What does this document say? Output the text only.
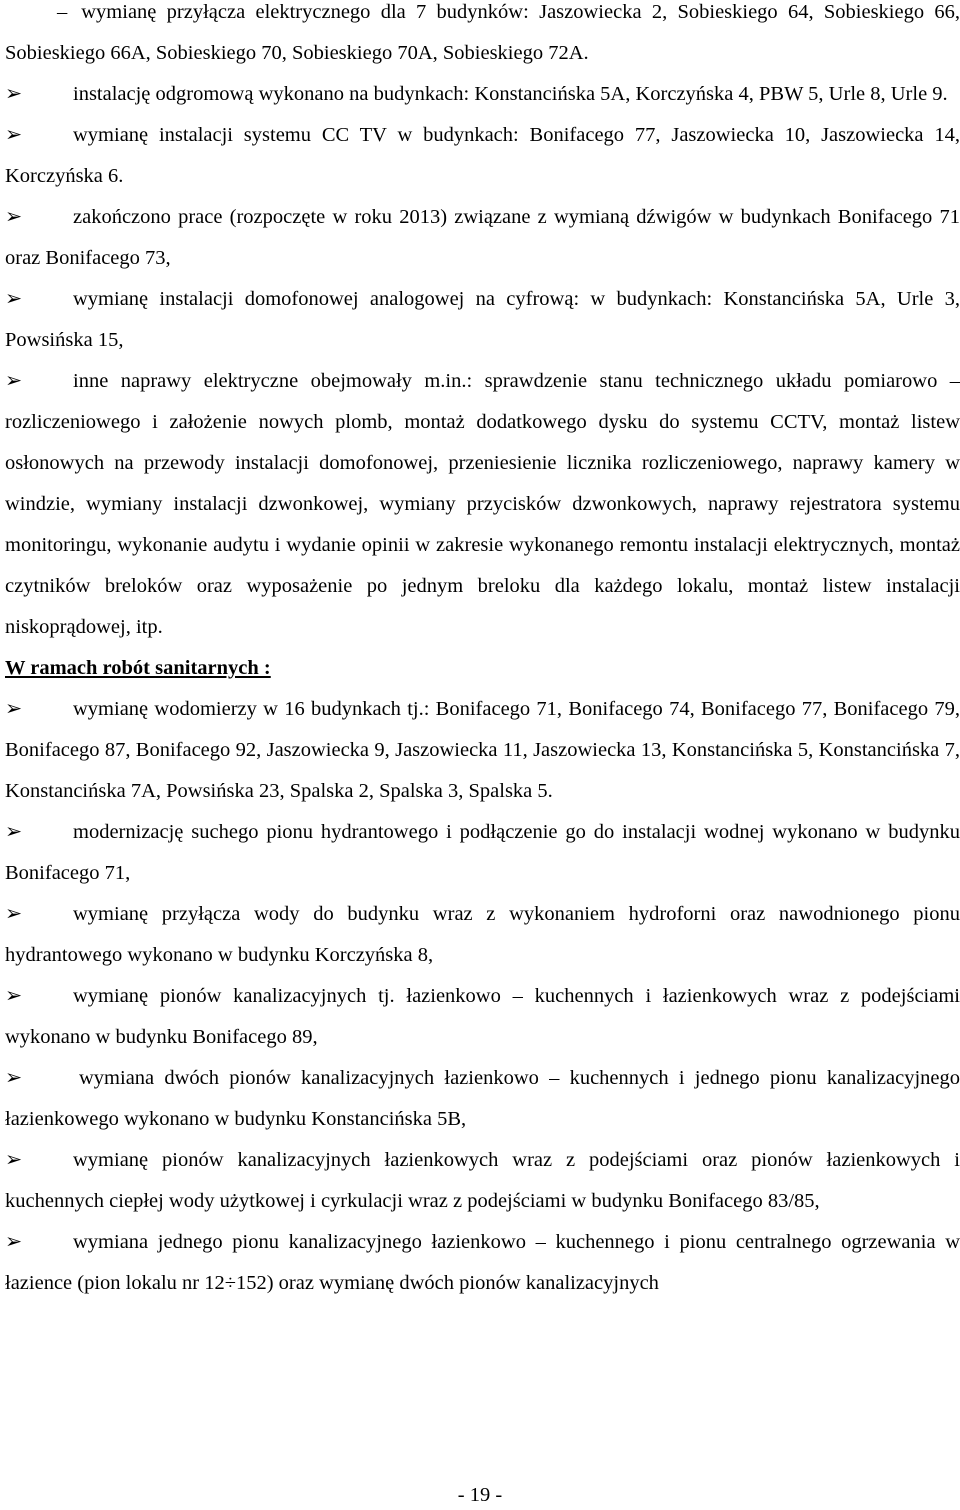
– wymianę przyłącza elektrycznego dla 7 budynków: Jaszowiecka 2, Sobieskiego 64, Sobieskiego 66, Sobieskiego 66A, Sobieskiego 70, Sobieskiego 70A, Sobieskiego 72A.

➢ instalację odgromową wykonano na budynkach: Konstancińska 5A, Korczyńska 4, PBW 5, Urle 8, Urle 9.

➢ wymianę instalacji systemu CC TV w budynkach: Bonifacego 77, Jaszowiecka 10, Jaszowiecka 14, Korczyńska 6.

➢ zakończono prace (rozpoczęte w roku 2013) związane z wymianą dźwigów w budynkach Bonifacego 71 oraz Bonifacego 73,

➢ wymianę instalacji domofonowej analogowej na cyfrową: w budynkach: Konstancińska 5A, Urle 3, Powsińska 15,

➢ inne naprawy elektryczne obejmowały m.in.: sprawdzenie stanu technicznego układu pomiarowo – rozliczeniowego i założenie nowych plomb, montaż dodatkowego dysku do systemu CCTV, montaż listew osłonowych na przewody instalacji domofonowej, przeniesienie licznika rozliczeniowego, naprawy kamery w windzie, wymiany instalacji dzwonkowej, wymiany przycisków dzwonkowych, naprawy rejestratora systemu monitoringu, wykonanie audytu i wydanie opinii w zakresie wykonanego remontu instalacji elektrycznych, montaż czytników breloków oraz wyposażenie po jednym breloku dla każdego lokalu, montaż listew instalacji niskoprądowej, itp.

W ramach robót sanitarnych :

➢ wymianę wodomierzy w 16 budynkach tj.: Bonifacego 71, Bonifacego 74, Bonifacego 77, Bonifacego 79, Bonifacego 87, Bonifacego 92, Jaszowiecka 9, Jaszowiecka 11, Jaszowiecka 13, Konstancińska 5, Konstancińska 7, Konstancińska 7A, Powsińska 23, Spalska 2, Spalska 3, Spalska 5.

➢ modernizację suchego pionu hydrantowego i podłączenie go do instalacji wodnej wykonano w budynku Bonifacego 71,

➢ wymianę przyłącza wody do budynku wraz z wykonaniem hydroforni oraz nawodnionego pionu hydrantowego wykonano w budynku Korczyńska 8,

➢ wymianę pionów kanalizacyjnych tj. łazienkowo – kuchennych i łazienkowych wraz z podejściami wykonano w budynku Bonifacego 89,

➢	wymiana dwóch pionów kanalizacyjnych łazienkowo – kuchennych i jednego pionu kanalizacyjnego łazienkowego wykonano w budynku Konstancińska 5B,

➢ wymianę pionów kanalizacyjnych łazienkowych wraz z podejściami oraz pionów łazienkowych i kuchennych ciepłej wody użytkowej i cyrkulacji wraz z podejściami w budynku Bonifacego 83/85,

➢ wymiana jednego pionu kanalizacyjnego łazienkowo – kuchennego i pionu centralnego ogrzewania w łazience (pion lokalu nr 12÷152) oraz wymianę dwóch pionów kanalizacyjnych

- 19 -
